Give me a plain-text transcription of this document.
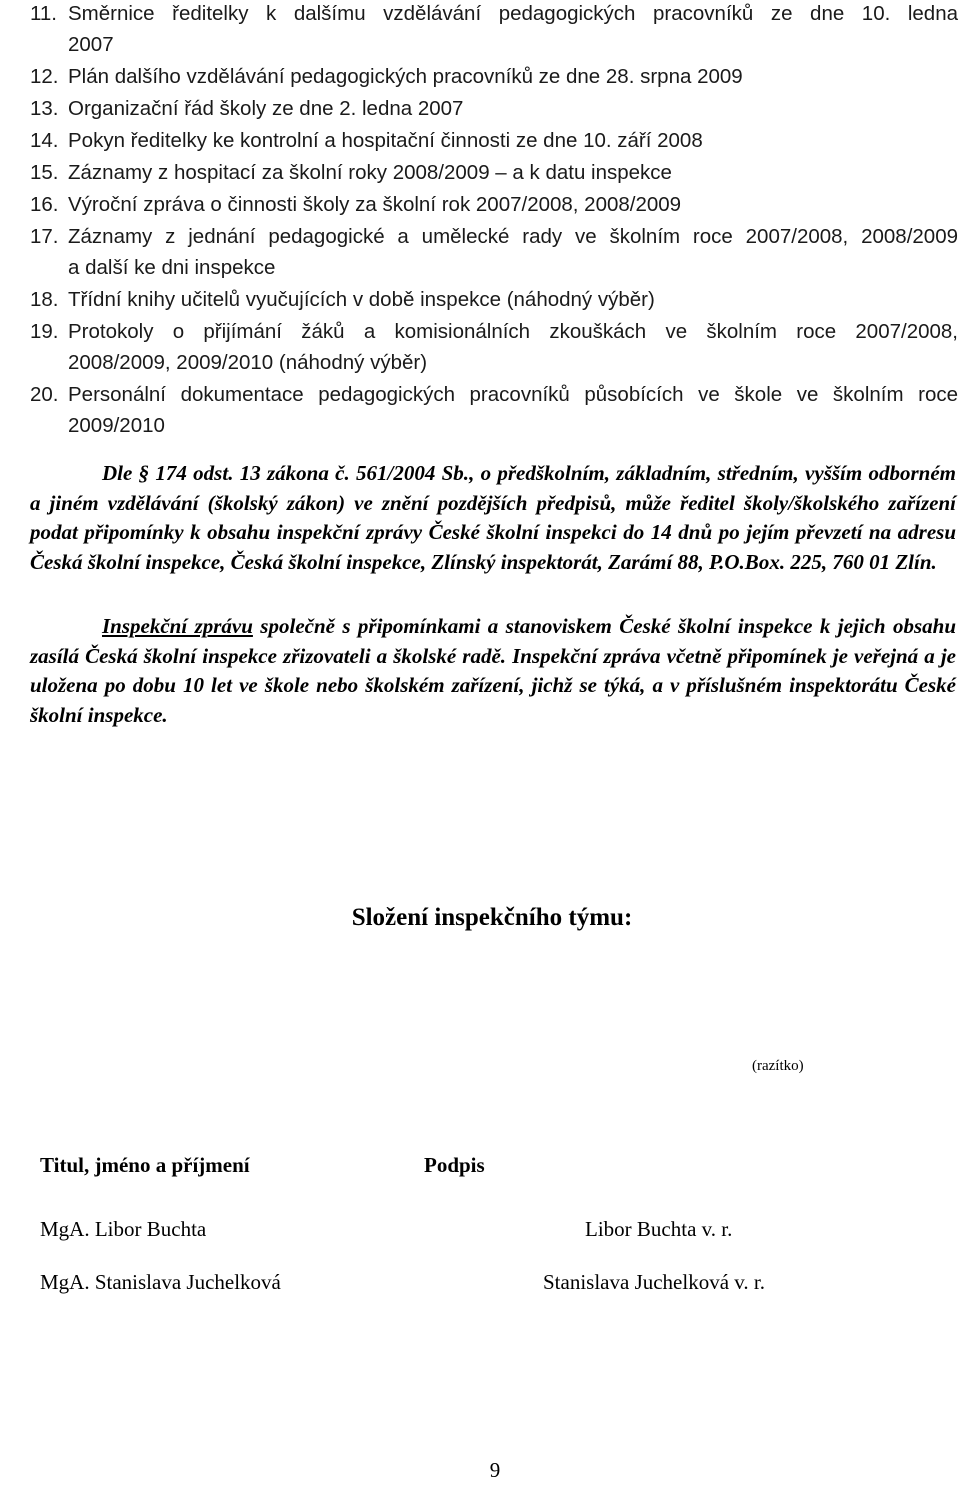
11. Směrnice ředitelky k dalšímu vzdělávání pedagogických pracovníků ze dne 10. ledna
2007
12. Plán dalšího vzdělávání pedagogických pracovníků ze dne 28. srpna 2009
13. Organizační řád školy ze dne 2. ledna 2007
14. Pokyn ředitelky ke kontrolní a hospitační činnosti ze dne 10. září 2008
15. Záznamy z hospitací za školní roky 2008/2009 – a k datu inspekce
16. Výroční zpráva o činnosti školy za školní rok 2007/2008, 2008/2009
17. Záznamy z jednání pedagogické a umělecké rady ve školním roce 2007/2008, 2008/2009
a další ke dni inspekce
18. Třídní knihy učitelů vyučujících v době inspekce (náhodný výběr)
19. Protokoly o přijímání žáků a komisionálních zkouškách ve školním roce 2007/2008,
2008/2009, 2009/2010 (náhodný výběr)
20. Personální dokumentace pedagogických pracovníků působících ve škole ve školním roce
2009/2010

Dle § 174 odst. 13 zákona č. 561/2004 Sb., o předškolním, základním, středním, vyšším odborném a jiném vzdělávání (školský zákon) ve znění pozdějších předpisů, může ředitel školy/školského zařízení podat připomínky k obsahu inspekční zprávy České školní inspekci do 14 dnů po jejím převzetí na adresu Česká školní inspekce, Česká školní inspekce, Zlínský inspektorát, Zarámí 88, P.O.Box. 225, 760 01 Zlín.

Inspekční zprávu společně s připomínkami a stanoviskem České školní inspekce k jejich obsahu zasílá Česká školní inspekce zřizovateli a školské radě. Inspekční zpráva včetně připomínek je veřejná a je uložena po dobu 10 let ve škole nebo školském zařízení, jichž se týká, a v příslušném inspektorátu České školní inspekce.

Složení inspekčního týmu:
(razítko)
Titul, jméno a příjmení	Podpis
MgA. Libor Buchta	Libor Buchta v. r.
MgA. Stanislava Juchelková	Stanislava Juchelková v. r.
9
